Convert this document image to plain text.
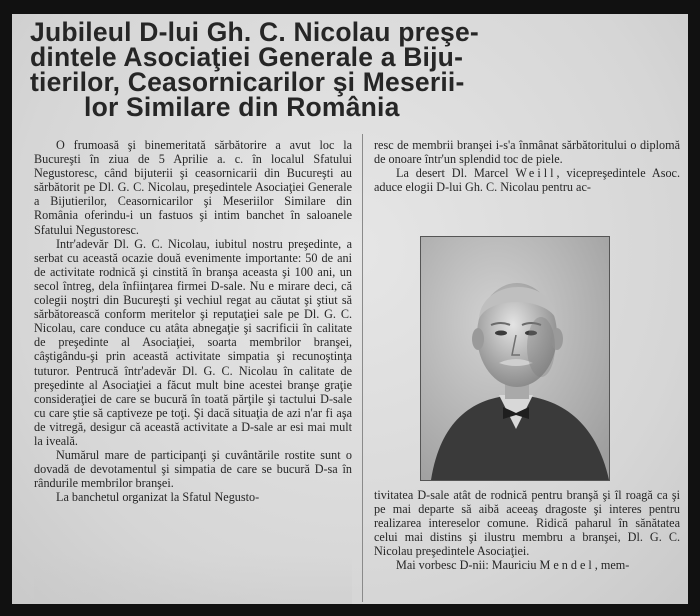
Jubileul D-lui Gh. C. Nicolau preşe-
dintele Asociaţiei Generale a Biju-
tierilor, Ceasornicarilor şi Meserii-
lor Similare din România

O frumoasă şi binemeritată sărbătorire a avut loc la Bucureşti în ziua de 5 Aprilie a. c. în localul Sfatului Negustoresc, când bijuterii şi ceasornicarii din Bucureşti au sărbătorit pe Dl. G. C. Nicolau, preşedintele Asociaţiei Generale a Bijutierilor, Ceasornicarilor şi Meseriilor Similare din România oferindu-i un fastuos şi intim banchet în saloanele Sfatului Negustoresc.

Intr'adevăr Dl. G. C. Nicolau, iubitul nostru preşedinte, a serbat cu această ocazie două evenimente importante: 50 de ani de activitate rodnică şi cinstită în branşa aceasta şi 100 ani, un secol întreg, dela înfiinţarea firmei D-sale. Nu e mirare deci, că colegii noştri din Bucureşti şi vechiul regat au căutat şi ştiut să sărbătorească conform meritelor şi reputaţiei sale pe Dl. G. C. Nicolau, care conduce cu atâta abnegaţie şi sacrificii în calitate de preşedinte al Asociaţiei, soarta membrilor branşei, câştigându-şi prin această activitate simpatia şi recunoştinţa tuturor. Pentrucă într'adevăr Dl. G. C. Nicolau în calitate de preşedinte al Asociaţiei a făcut mult bine acestei branşe graţie consideraţiei de care se bucură în toată părţile şi tactului D-sale cu care ştie să captiveze pe toţi. Şi dacă situaţia de azi n'ar fi aşa de vitregă, desigur că această activitate a D-sale ar esi mai mult la iveală.

Numărul mare de participanţi şi cuvântările rostite sunt o dovadă de devotamentul şi simpatia de care se bucură D-sa în rândurile membrilor branşei.

La banchetul organizat la Sfatul Negusto-

resc de membrii branşei i-s'a înmânat sărbătoritului o diplomă de onoare într'un splendid toc de piele.

La desert Dl. Marcel Weill, vicepreşedintele Asoc. aduce elogii D-lui Gh. C. Nicolau pentru ac-

tivitatea D-sale atât de rodnică pentru branşă şi îl roagă ca şi pe mai departe să aibă aceeaş dragoste şi interes pentru realizarea intereselor comune. Ridică paharul în sănătatea celui mai distins şi ilustru membru a branşei, Dl. G. C. Nicolau preşedintele Asociaţiei.

Mai vorbesc D-nii: Mauriciu Mendel, mem-
